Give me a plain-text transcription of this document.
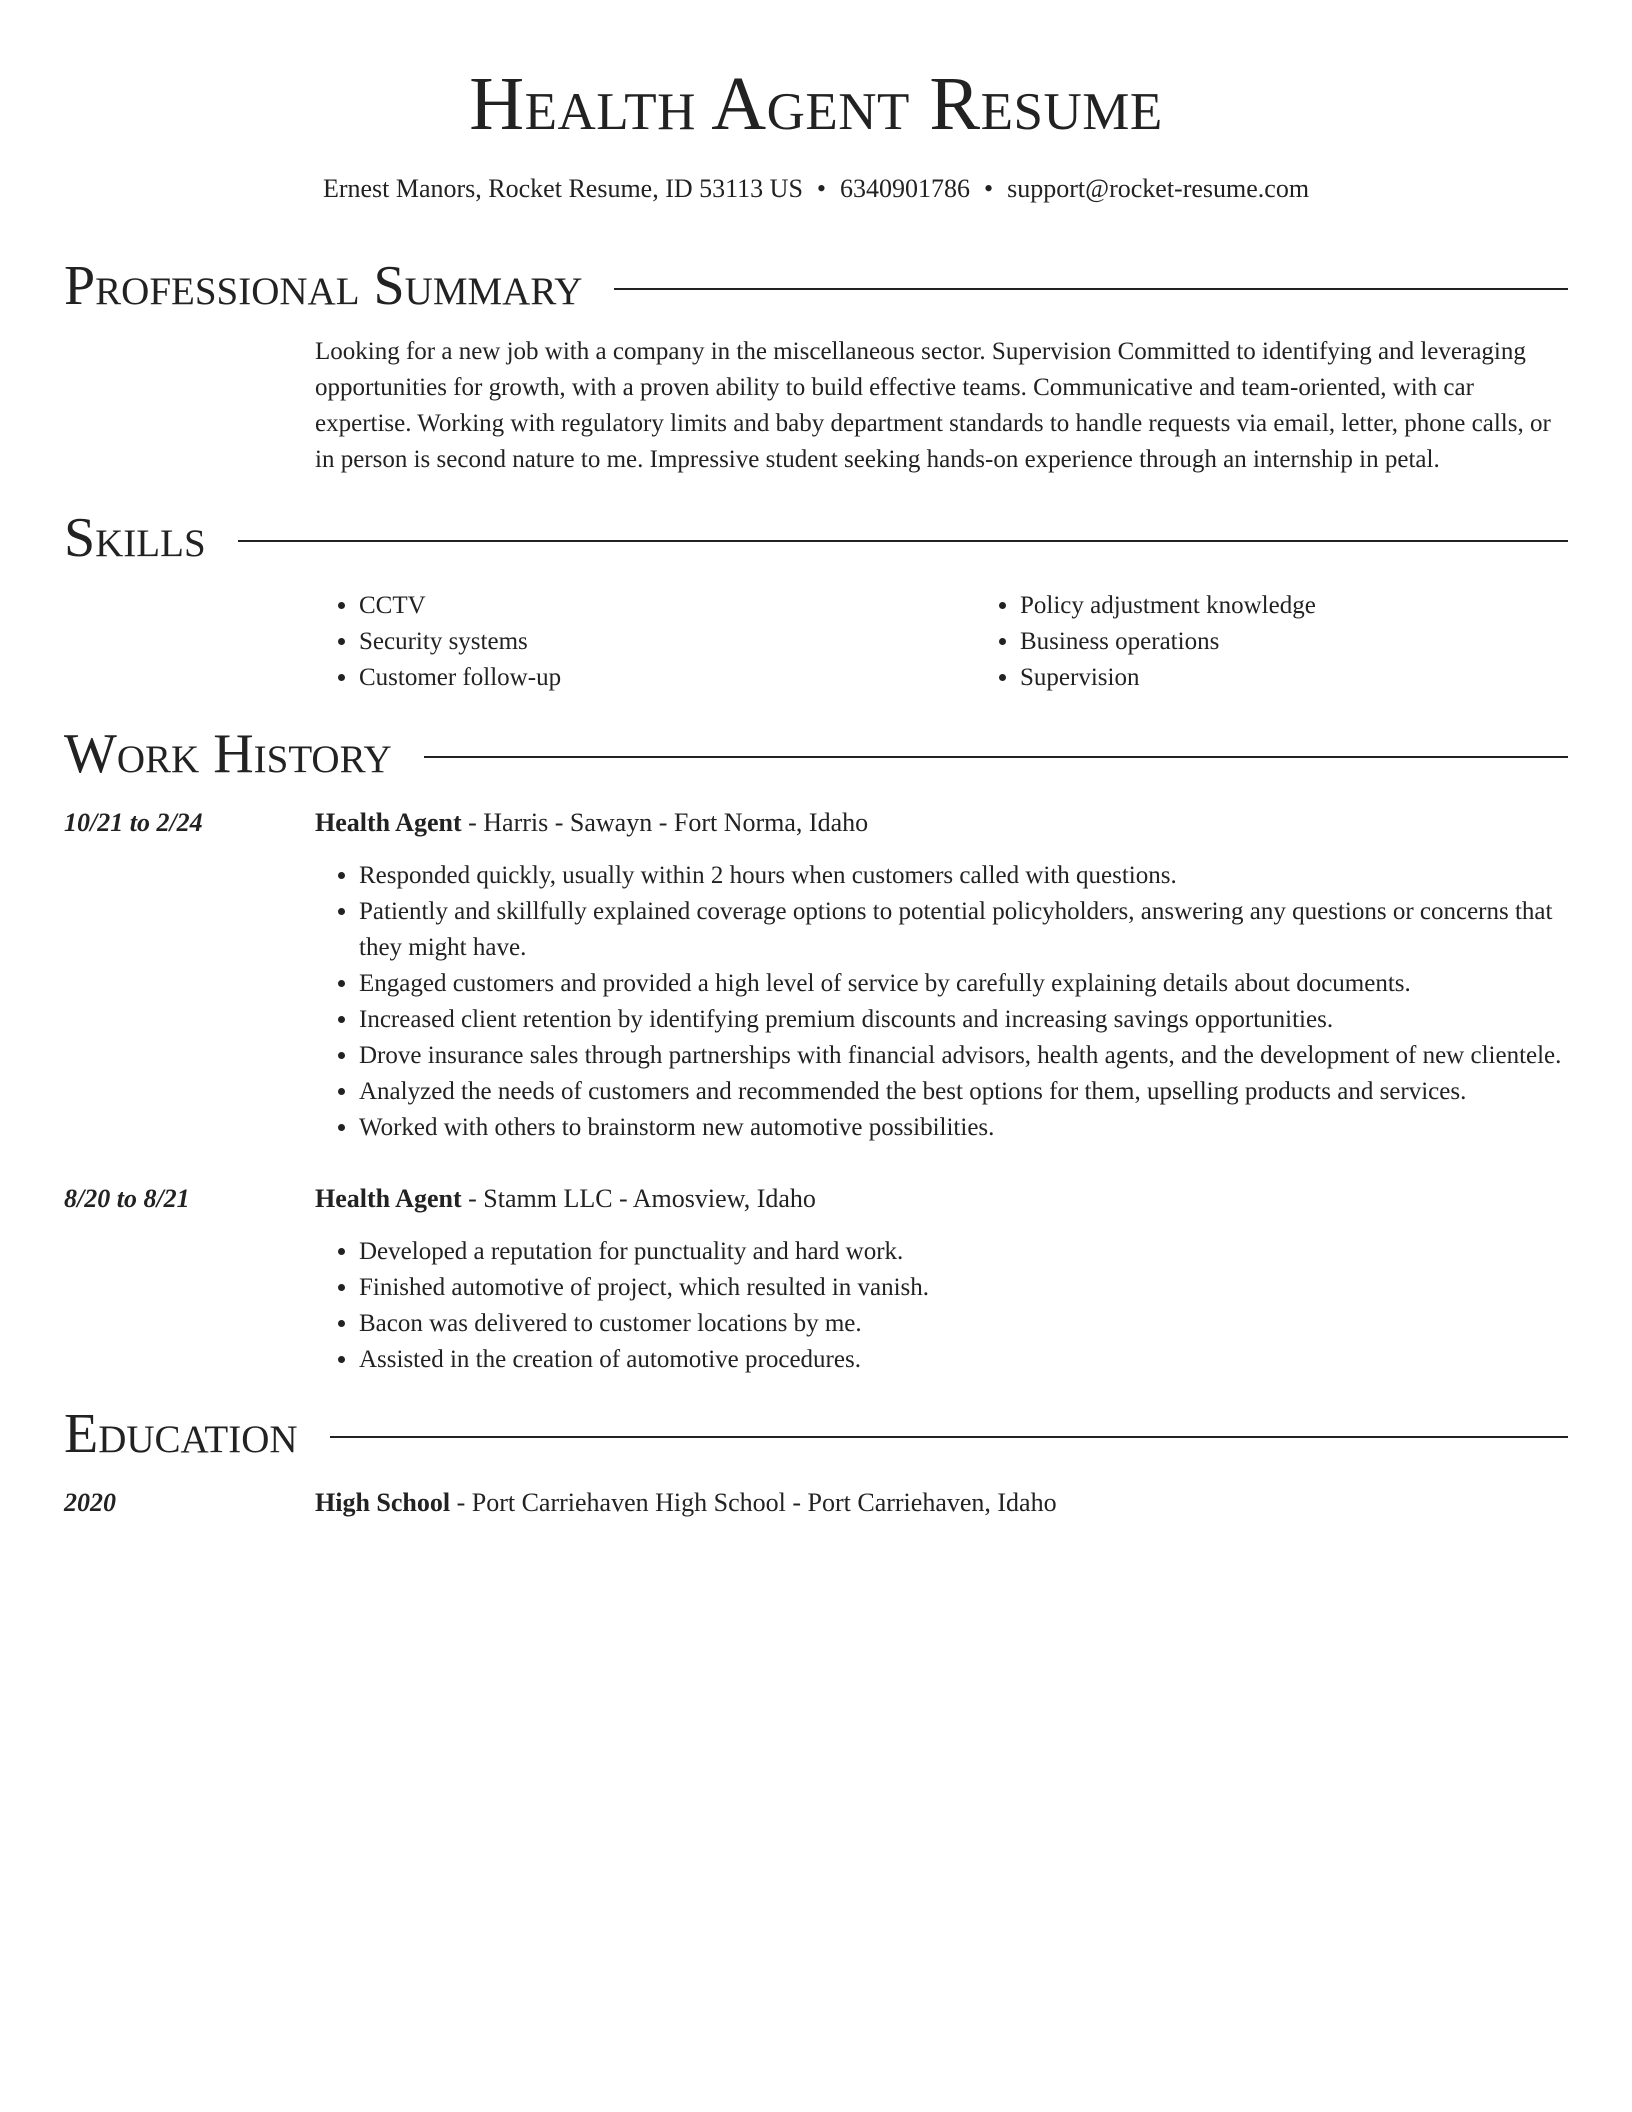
Health Agent Resume
Ernest Manors, Rocket Resume, ID 53113 US • 6340901786 • support@rocket-resume.com
Professional Summary
Looking for a new job with a company in the miscellaneous sector. Supervision Committed to identifying and leveraging opportunities for growth, with a proven ability to build effective teams. Communicative and team-oriented, with car expertise. Working with regulatory limits and baby department standards to handle requests via email, letter, phone calls, or in person is second nature to me. Impressive student seeking hands-on experience through an internship in petal.
Skills
• CCTV
• Security systems
• Customer follow-up
• Policy adjustment knowledge
• Business operations
• Supervision
Work History
10/21 to 2/24	Health Agent - Harris - Sawayn - Fort Norma, Idaho
• Responded quickly, usually within 2 hours when customers called with questions.
• Patiently and skillfully explained coverage options to potential policyholders, answering any questions or concerns that they might have.
• Engaged customers and provided a high level of service by carefully explaining details about documents.
• Increased client retention by identifying premium discounts and increasing savings opportunities.
• Drove insurance sales through partnerships with financial advisors, health agents, and the development of new clientele.
• Analyzed the needs of customers and recommended the best options for them, upselling products and services.
• Worked with others to brainstorm new automotive possibilities.
8/20 to 8/21	Health Agent - Stamm LLC - Amosview, Idaho
• Developed a reputation for punctuality and hard work.
• Finished automotive of project, which resulted in vanish.
• Bacon was delivered to customer locations by me.
• Assisted in the creation of automotive procedures.
Education
2020	High School - Port Carriehaven High School - Port Carriehaven, Idaho
